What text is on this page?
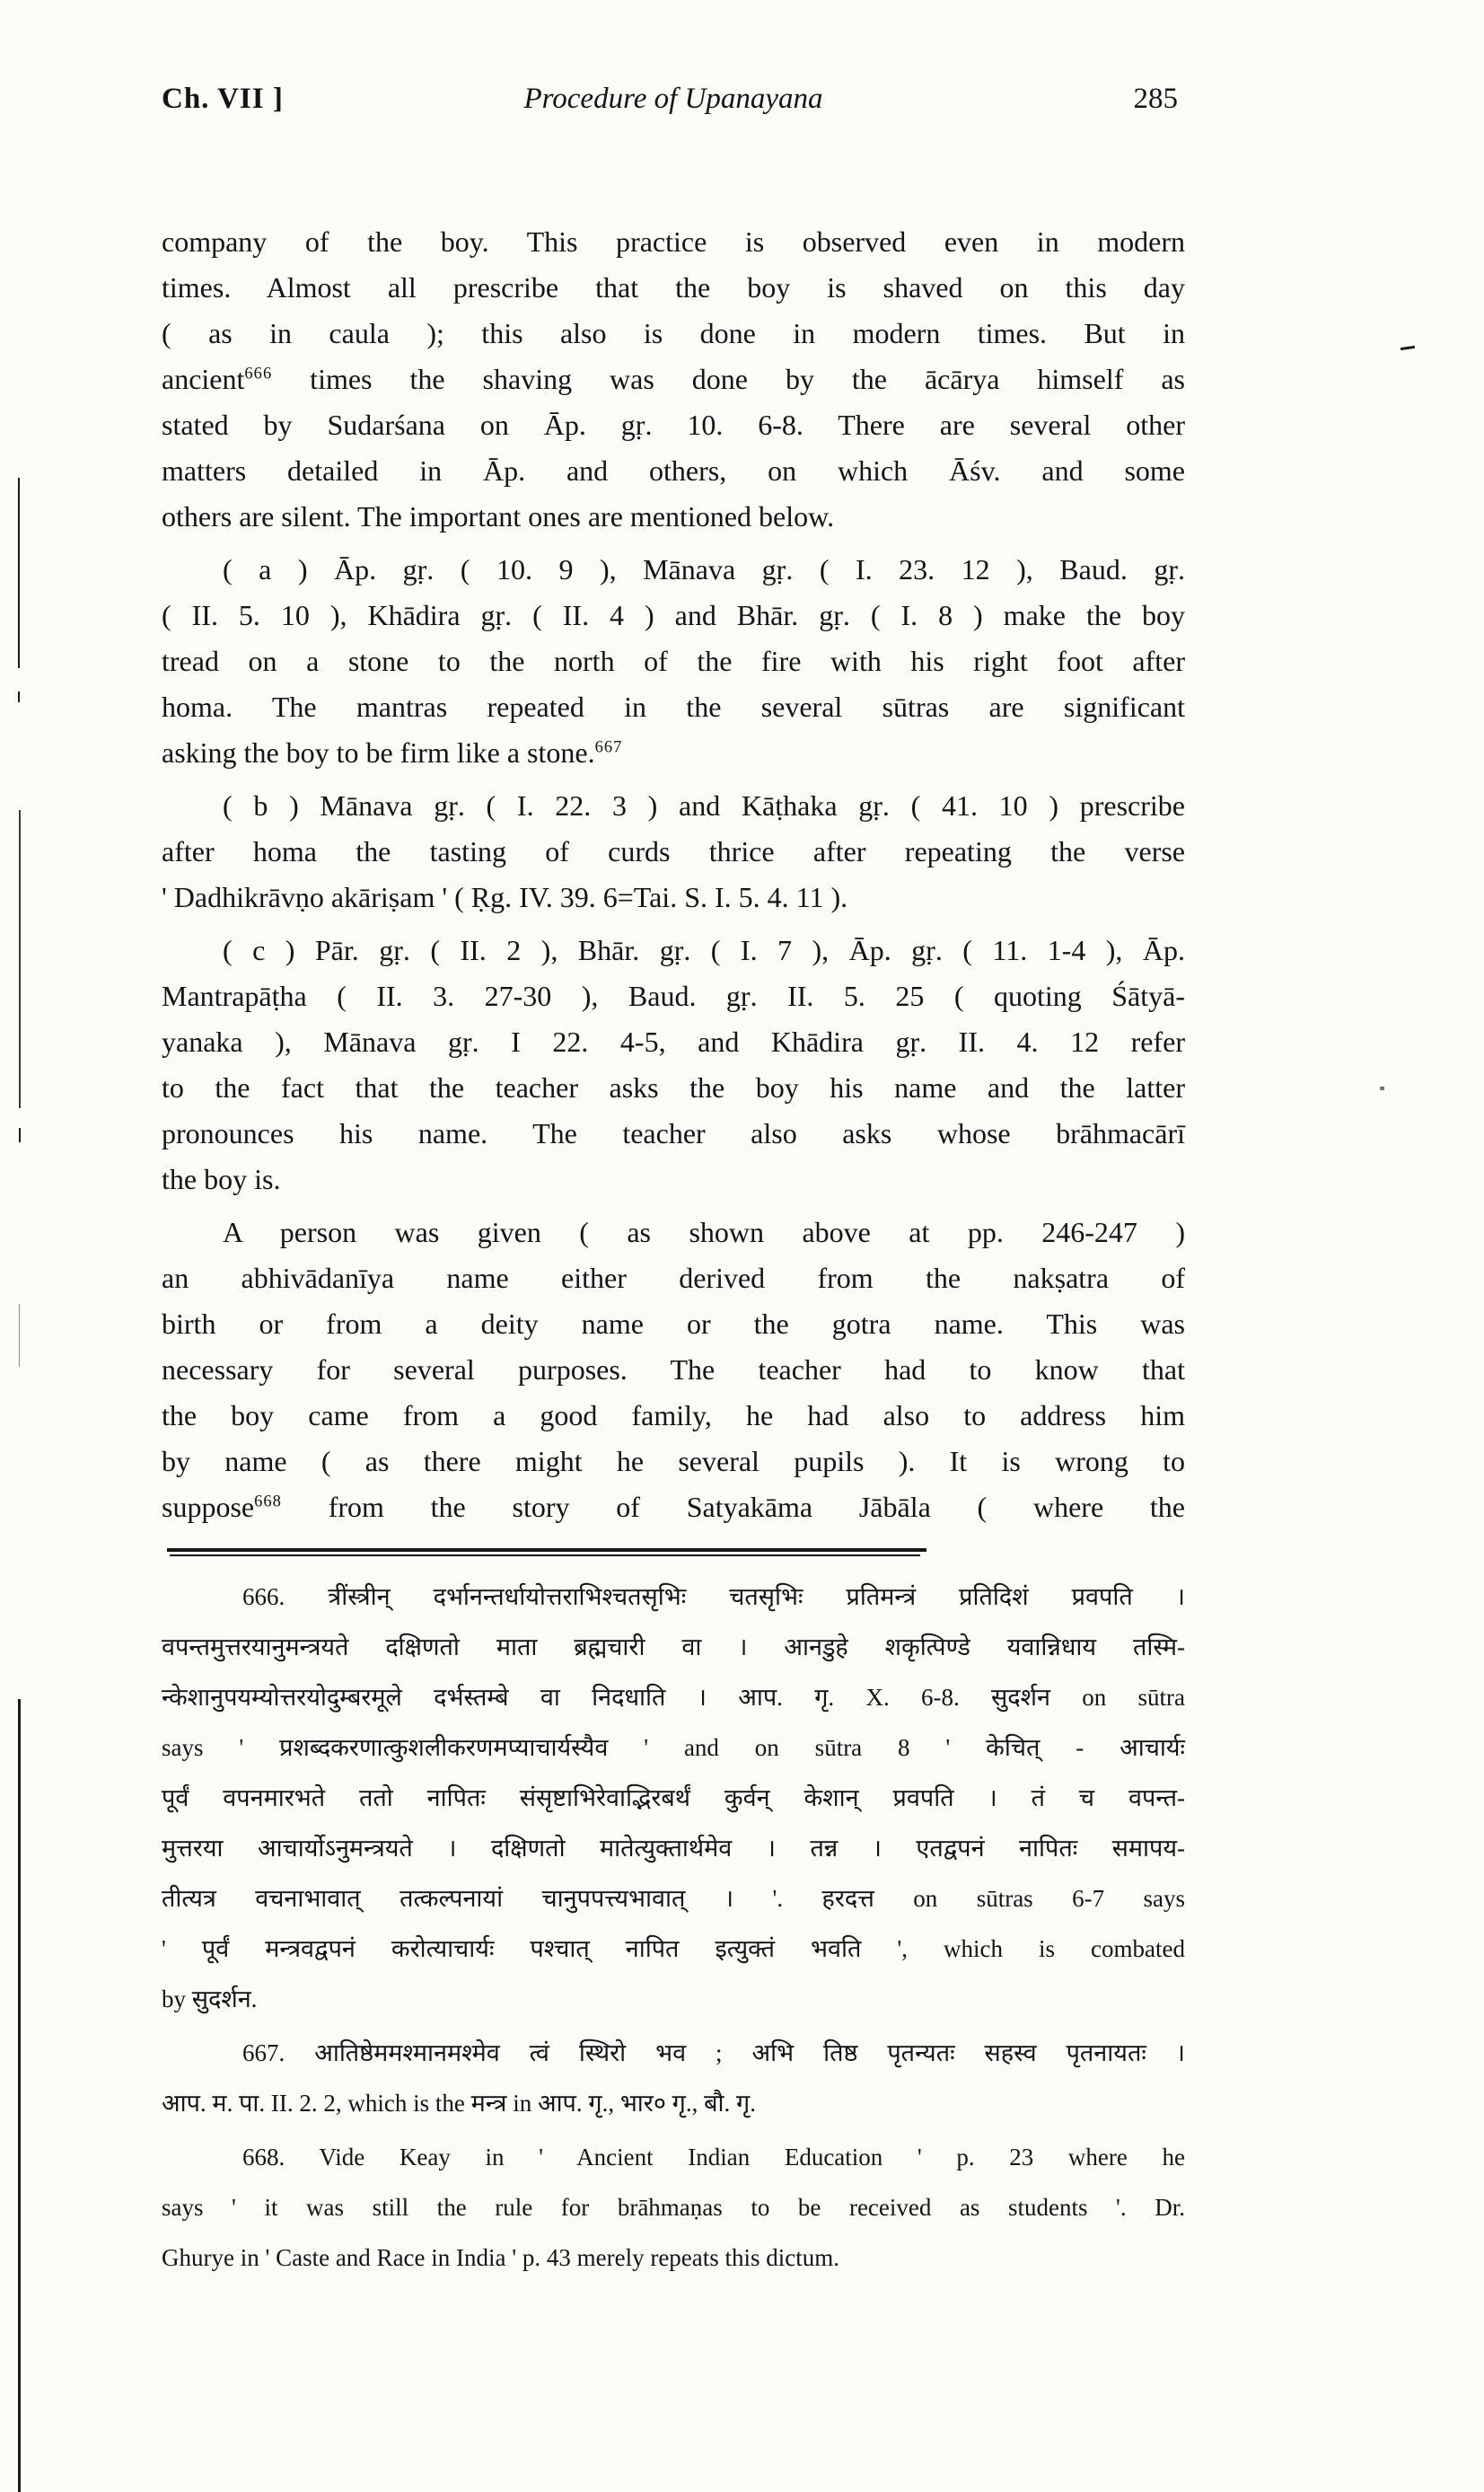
Ch. VII ]	Procedure of Upanayana	285
company of the boy. This practice is observed even in modern
times. Almost all prescribe that the boy is shaved on this day
( as in caula ); this also is done in modern times. But in
ancient$^{666}$ times the shaving was done by the ācārya himself as
stated by Sudarśana on Āp. gṛ. 10. 6-8. There are several other
matters detailed in Āp. and others, on which Āśv. and some
others are silent. The important ones are mentioned below.
( a ) Āp. gṛ. ( 10. 9 ), Mānava gṛ. ( I. 23. 12 ), Baud. gṛ.
( II. 5. 10 ), Khādira gṛ. ( II. 4 ) and Bhār. gṛ. ( I. 8 ) make the boy
tread on a stone to the north of the fire with his right foot after
homa. The mantras repeated in the several sūtras are significant
asking the boy to be firm like a stone.$^{667}$
( b ) Mānava gṛ. ( I. 22. 3 ) and Kāṭhaka gṛ. ( 41. 10 ) prescribe
after homa the tasting of curds thrice after repeating the verse
' Dadhikrāvṇo akāriṣam ' ( Ṛg. IV. 39. 6=Tai. S. I. 5. 4. 11 ).
( c ) Pār. gṛ. ( II. 2 ), Bhār. gṛ. ( I. 7 ), Āp. gṛ. ( 11. 1-4 ), Āp.
Mantrapāṭha ( II. 3. 27-30 ), Baud. gṛ. II. 5. 25 ( quoting Śātyā-
yanaka ), Mānava gṛ. I 22. 4-5, and Khādira gṛ. II. 4. 12 refer
to the fact that the teacher asks the boy his name and the latter
pronounces his name. The teacher also asks whose brāhmacārī
the boy is.
A person was given ( as shown above at pp. 246-247 )
an abhivādanīya name either derived from the nakṣatra of
birth or from a deity name or the gotra name. This was
necessary for several purposes. The teacher had to know that
the boy came from a good family, he had also to address him
by name ( as there might he several pupils ). It is wrong to
suppose$^{668}$ from the story of Satyakāma Jābāla ( where the
666. त्रींस्त्रीन् दर्भानन्तर्धायोत्तराभिश्चतसृभिः चतसृभिः प्रतिमन्त्रं प्रतिदिशं प्रवपति ।
वपन्तमुत्तरयानुमन्त्रयते दक्षिणतो माता ब्रह्मचारी वा । आनडुहे शकृत्पिण्डे यवान्निधाय तस्मि-
न्केशानुपयम्योत्तरयोदुम्बरमूले दर्भस्तम्बे वा निदधाति । आप. गृ. X. 6-8. सुदर्शन on sūtra
says ' प्रशब्दकरणात्कुशलीकरणमप्याचार्यस्यैव ' and on sūtra 8 ' केचित् - आचार्यः
पूर्वं वपनमारभते ततो नापितः संसृष्टाभिरेवाद्भिरबर्थं कुर्वन् केशान् प्रवपति । तं च वपन्त-
मुत्तरया आचार्योऽनुमन्त्रयते । दक्षिणतो मातेत्युक्तार्थमेव । तन्न । एतद्वपनं नापितः समापय-
तीत्यत्र वचनाभावात् तत्कल्पनायां चानुपपत्त्यभावात् । '. हरदत्त on sūtras 6-7 says
' पूर्वं मन्त्रवद्वपनं करोत्याचार्यः पश्चात् नापित इत्युक्तं भवति ', which is combated
by सुदर्शन.
667. आतिष्ठेममश्मानमश्मेव त्वं स्थिरो भव ; अभि तिष्ठ पृतन्यतः सहस्व पृतनायतः ।
आप. म. पा. II. 2. 2, which is the मन्त्र in आप. गृ., भार० गृ., बौ. गृ.
668. Vide Keay in ' Ancient Indian Education ' p. 23 where he
says ' it was still the rule for brāhmaṇas to be received as students '. Dr.
Ghurye in ' Caste and Race in India ' p. 43 merely repeats this dictum.
